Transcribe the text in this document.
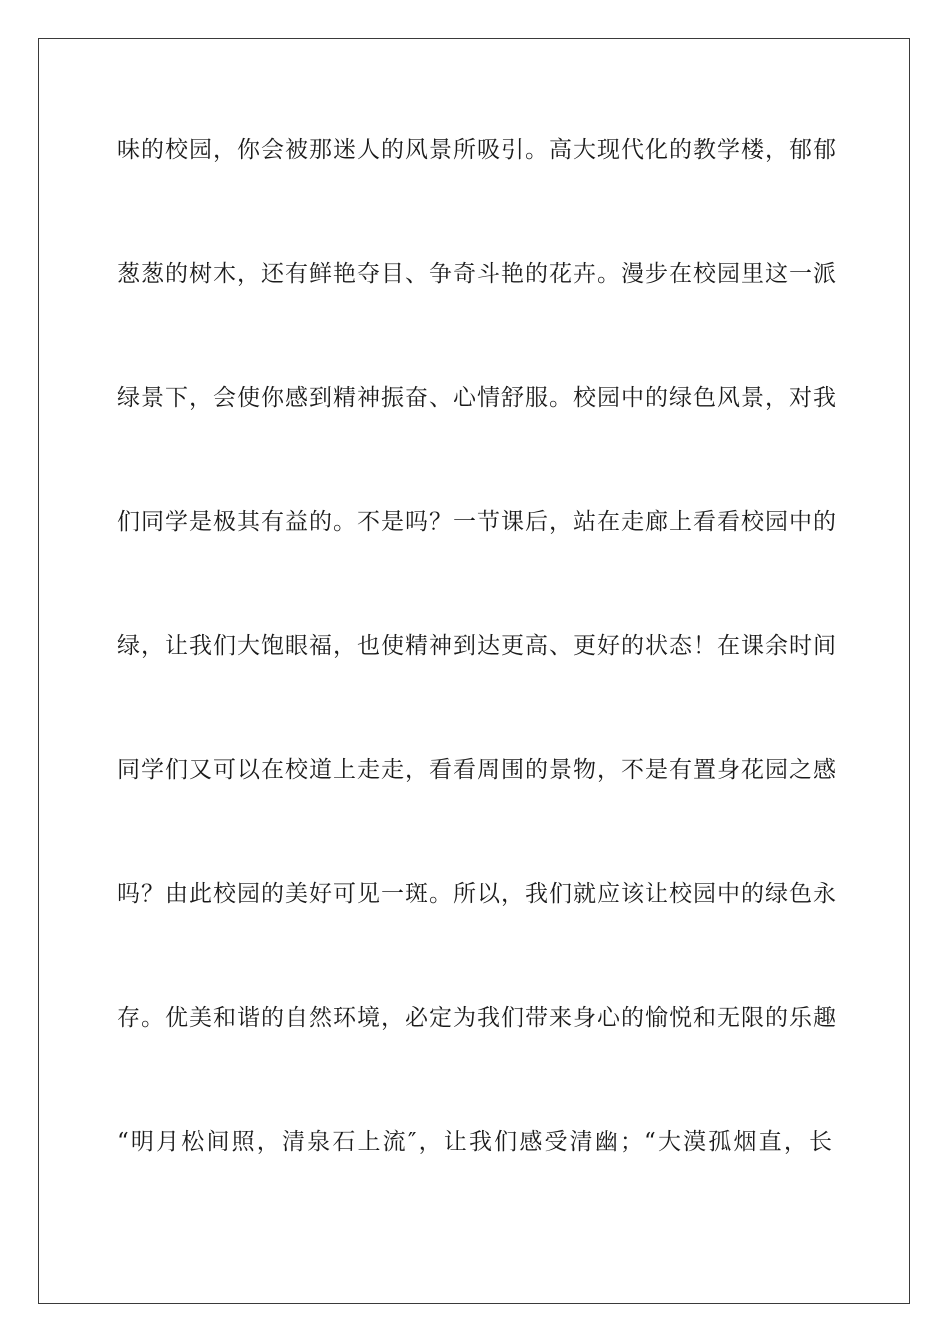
味的校园，你会被那迷人的风景所吸引。高大现代化的教学楼，郁郁
葱葱的树木，还有鲜艳夺目、争奇斗艳的花卉。漫步在校园里这一派
绿景下，会使你感到精神振奋、心情舒服。校园中的绿色风景，对我
们同学是极其有益的。不是吗？一节课后，站在走廊上看看校园中的
绿，让我们大饱眼福，也使精神到达更高、更好的状态！在课余时间
同学们又可以在校道上走走，看看周围的景物，不是有置身花园之感
吗？由此校园的美好可见一斑。所以，我们就应该让校园中的绿色永
存。优美和谐的自然环境，必定为我们带来身心的愉悦和无限的乐趣
“明月松间照，清泉石上流″，让我们感受清幽；“大漠孤烟直，长
